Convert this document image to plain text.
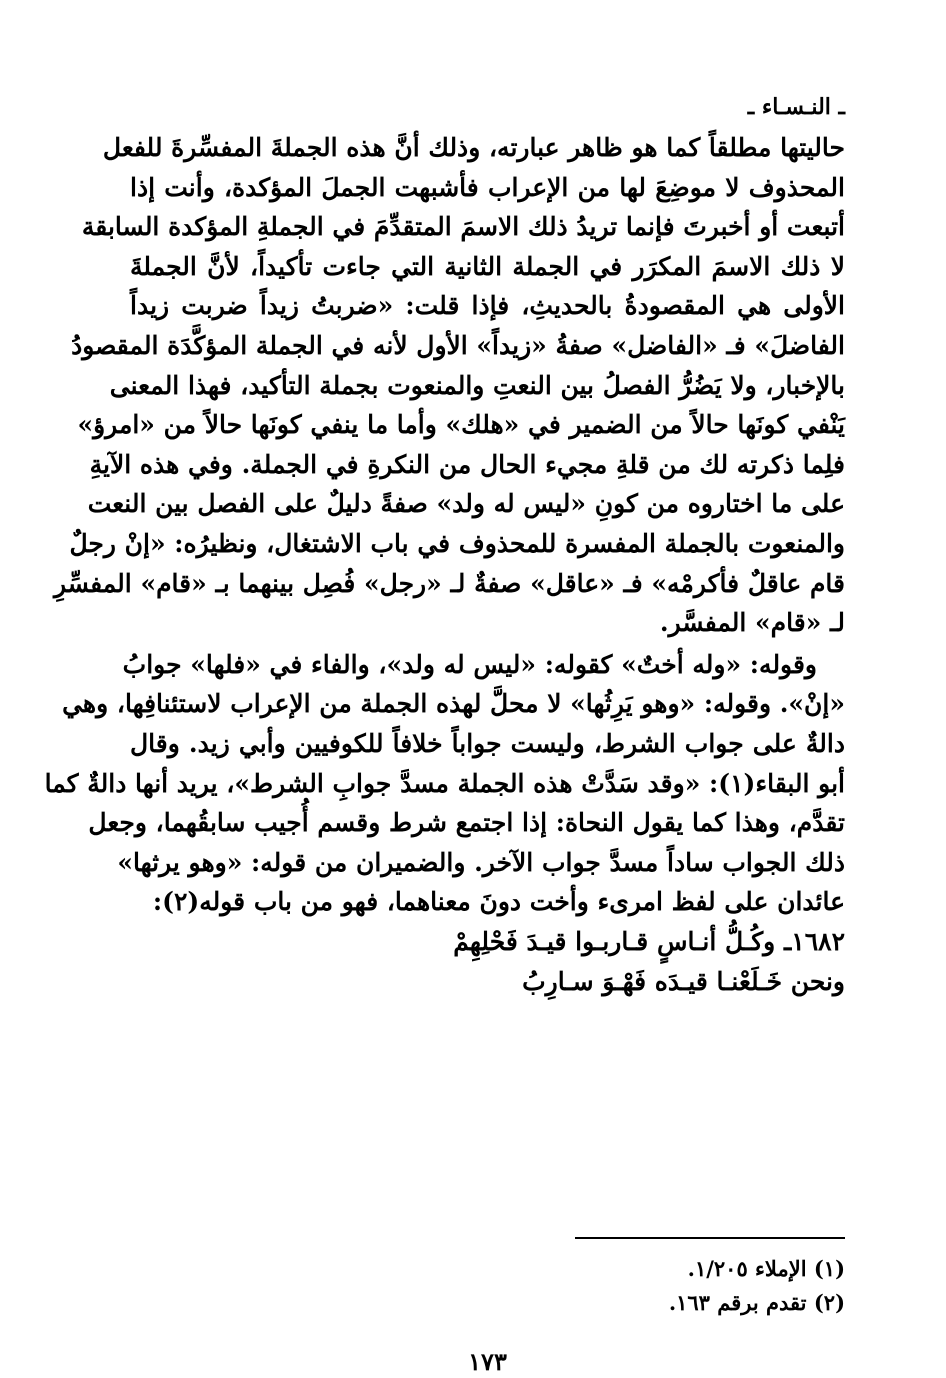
ـ النـسـاء ـ
حاليتها مطلقاً كما هو ظاهر عبارته، وذلك أنَّ هذه الجملةَ المفسِّرةَ للفعل
المحذوف لا موضِعَ لها من الإعراب فأشبهت الجملَ المؤكدة، وأنت إذا
أتبعت أو أخبرتَ فإنما تريدُ ذلك الاسمَ المتقدِّمَ في الجملةِ المؤكدة السابقة
لا ذلك الاسمَ المكرَر في الجملة الثانية التي جاءت تأكيداً، لأنَّ الجملةَ
الأولى هي المقصودةُ بالحديثِ، فإذا قلت: «ضربتُ زيداً ضربت زيداً
الفاضلَ» فـ «الفاضل» صفةُ «زيداً» الأول لأنه في الجملة المؤكَّدَة المقصودُ
بالإخبار، ولا يَضُرُّ الفصلُ بين النعتِ والمنعوت بجملة التأكيد، فهذا المعنى
يَنْفي كونَها حالاً من الضمير في «هلك» وأما ما ينفي كونَها حالاً من «امرؤ»
فلِما ذكرته لك من قلةِ مجيء الحال من النكرةِ في الجملة. وفي هذه الآيةِ
على ما اختاروه من كونِ «ليس له ولد» صفةً دليلٌ على الفصل بين النعت
والمنعوت بالجملة المفسرة للمحذوف في باب الاشتغال، ونظيرُه: «إنْ رجلٌ
قام عاقلٌ فأكرمْه» فـ «عاقل» صفةٌ لـ «رجل» فُصِل بينهما بـ «قام» المفسِّرِ
لـ «قام» المفسَّر.
وقوله: «وله أختٌ» كقوله: «ليس له ولد»، والفاء في «فلها» جوابُ
«إنْ». وقوله: «وهو يَرِثُها» لا محلَّ لهذه الجملة من الإعراب لاستئنافِها، وهي
دالةٌ على جواب الشرط، وليست جواباً خلافاً للكوفيين وأبي زيد. وقال
أبو البقاء(١): «وقد سَدَّتْ هذه الجملة مسدَّ جوابِ الشرط»، يريد أنها دالةٌ كما
تقدَّم، وهذا كما يقول النحاة: إذا اجتمع شرط وقسم أُجيب سابقُهما، وجعل
ذلك الجواب ساداً مسدَّ جواب الآخر. والضميران من قوله: «وهو يرثها»
عائدان على لفظ امرىء وأخت دونَ معناهما، فهو من باب قوله(٢):
١٦٨٢ـ وكُـلُّ أنـاسٍ قـاربـوا قيـدَ فَحْلِهِمْ
ونحن خَـلَعْنـا قيـدَه فَهْـوَ سـارِبُ
(١) الإملاء ١/٢٠٥.
(٢) تقدم برقم ١٦٣.
١٧٣
